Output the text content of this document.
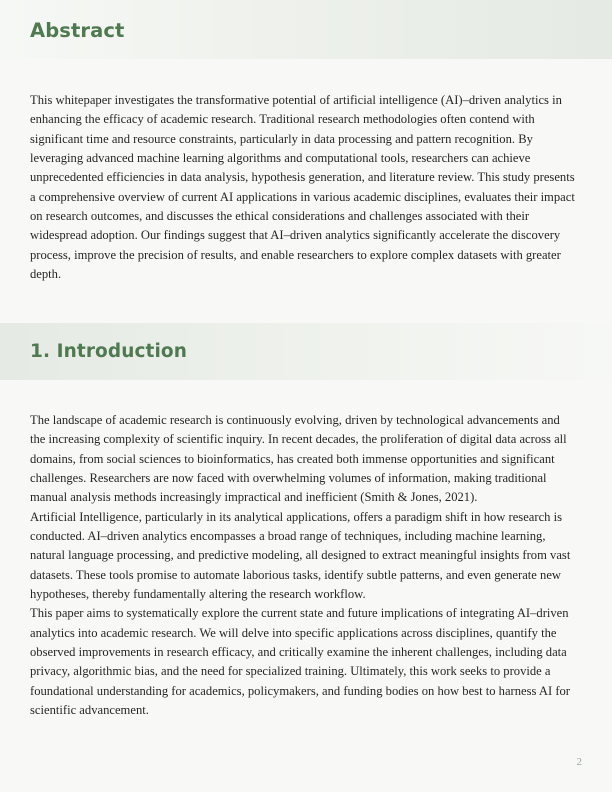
Abstract

This whitepaper investigates the transformative potential of artificial intelligence (AI)–driven analytics in enhancing the efficacy of academic research. Traditional research methodologies often contend with significant time and resource constraints, particularly in data processing and pattern recognition. By leveraging advanced machine learning algorithms and computational tools, researchers can achieve unprecedented efficiencies in data analysis, hypothesis generation, and literature review. This study presents a comprehensive overview of current AI applications in various academic disciplines, evaluates their impact on research outcomes, and discusses the ethical considerations and challenges associated with their widespread adoption. Our findings suggest that AI–driven analytics significantly accelerate the discovery process, improve the precision of results, and enable researchers to explore complex datasets with greater depth.

1. Introduction

The landscape of academic research is continuously evolving, driven by technological advancements and the increasing complexity of scientific inquiry. In recent decades, the proliferation of digital data across all domains, from social sciences to bioinformatics, has created both immense opportunities and significant challenges. Researchers are now faced with overwhelming volumes of information, making traditional manual analysis methods increasingly impractical and inefficient (Smith & Jones, 2021).

Artificial Intelligence, particularly in its analytical applications, offers a paradigm shift in how research is conducted. AI–driven analytics encompasses a broad range of techniques, including machine learning, natural language processing, and predictive modeling, all designed to extract meaningful insights from vast datasets. These tools promise to automate laborious tasks, identify subtle patterns, and even generate new hypotheses, thereby fundamentally altering the research workflow.

This paper aims to systematically explore the current state and future implications of integrating AI–driven analytics into academic research. We will delve into specific applications across disciplines, quantify the observed improvements in research efficacy, and critically examine the inherent challenges, including data privacy, algorithmic bias, and the need for specialized training. Ultimately, this work seeks to provide a foundational understanding for academics, policymakers, and funding bodies on how best to harness AI for scientific advancement.

2
